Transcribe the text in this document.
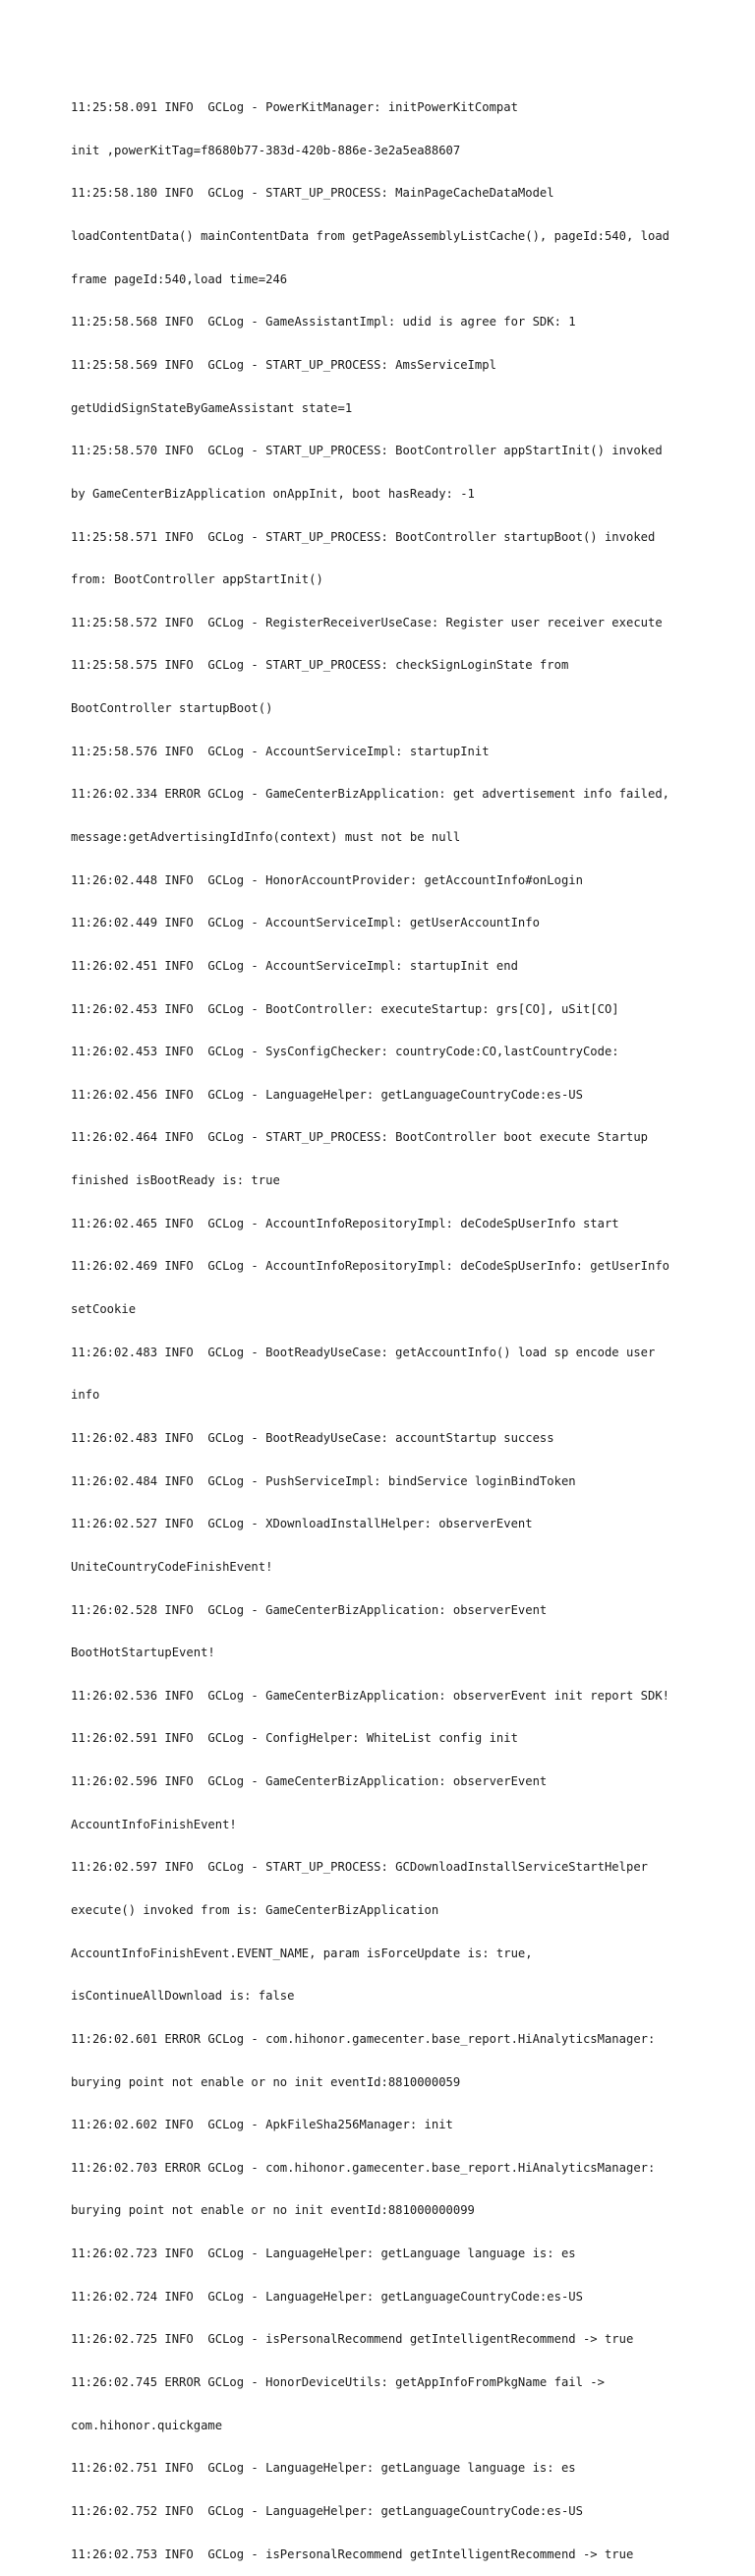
11:25:58.091 INFO  GCLog - PowerKitManager: initPowerKitCompat

init ,powerKitTag=f8680b77-383d-420b-886e-3e2a5ea88607

11:25:58.180 INFO  GCLog - START_UP_PROCESS: MainPageCacheDataModel

loadContentData() mainContentData from getPageAssemblyListCache(), pageId:540, load

frame pageId:540,load time=246

11:25:58.568 INFO  GCLog - GameAssistantImpl: udid is agree for SDK: 1

11:25:58.569 INFO  GCLog - START_UP_PROCESS: AmsServiceImpl

getUdidSignStateByGameAssistant state=1

11:25:58.570 INFO  GCLog - START_UP_PROCESS: BootController appStartInit() invoked

by GameCenterBizApplication onAppInit, boot hasReady: -1

11:25:58.571 INFO  GCLog - START_UP_PROCESS: BootController startupBoot() invoked

from: BootController appStartInit()

11:25:58.572 INFO  GCLog - RegisterReceiverUseCase: Register user receiver execute

11:25:58.575 INFO  GCLog - START_UP_PROCESS: checkSignLoginState from

BootController startupBoot()

11:25:58.576 INFO  GCLog - AccountServiceImpl: startupInit

11:26:02.334 ERROR GCLog - GameCenterBizApplication: get advertisement info failed,

message:getAdvertisingIdInfo(context) must not be null

11:26:02.448 INFO  GCLog - HonorAccountProvider: getAccountInfo#onLogin

11:26:02.449 INFO  GCLog - AccountServiceImpl: getUserAccountInfo

11:26:02.451 INFO  GCLog - AccountServiceImpl: startupInit end

11:26:02.453 INFO  GCLog - BootController: executeStartup: grs[CO], uSit[CO]

11:26:02.453 INFO  GCLog - SysConfigChecker: countryCode:CO,lastCountryCode:

11:26:02.456 INFO  GCLog - LanguageHelper: getLanguageCountryCode:es-US

11:26:02.464 INFO  GCLog - START_UP_PROCESS: BootController boot execute Startup

finished isBootReady is: true

11:26:02.465 INFO  GCLog - AccountInfoRepositoryImpl: deCodeSpUserInfo start

11:26:02.469 INFO  GCLog - AccountInfoRepositoryImpl: deCodeSpUserInfo: getUserInfo

setCookie

11:26:02.483 INFO  GCLog - BootReadyUseCase: getAccountInfo() load sp encode user

info

11:26:02.483 INFO  GCLog - BootReadyUseCase: accountStartup success

11:26:02.484 INFO  GCLog - PushServiceImpl: bindService loginBindToken

11:26:02.527 INFO  GCLog - XDownloadInstallHelper: observerEvent

UniteCountryCodeFinishEvent!

11:26:02.528 INFO  GCLog - GameCenterBizApplication: observerEvent

BootHotStartupEvent!

11:26:02.536 INFO  GCLog - GameCenterBizApplication: observerEvent init report SDK!

11:26:02.591 INFO  GCLog - ConfigHelper: WhiteList config init

11:26:02.596 INFO  GCLog - GameCenterBizApplication: observerEvent

AccountInfoFinishEvent!

11:26:02.597 INFO  GCLog - START_UP_PROCESS: GCDownloadInstallServiceStartHelper

execute() invoked from is: GameCenterBizApplication

AccountInfoFinishEvent.EVENT_NAME, param isForceUpdate is: true,

isContinueAllDownload is: false

11:26:02.601 ERROR GCLog - com.hihonor.gamecenter.base_report.HiAnalyticsManager:

burying point not enable or no init eventId:8810000059

11:26:02.602 INFO  GCLog - ApkFileSha256Manager: init

11:26:02.703 ERROR GCLog - com.hihonor.gamecenter.base_report.HiAnalyticsManager:

burying point not enable or no init eventId:881000000099

11:26:02.723 INFO  GCLog - LanguageHelper: getLanguage language is: es

11:26:02.724 INFO  GCLog - LanguageHelper: getLanguageCountryCode:es-US

11:26:02.725 INFO  GCLog - isPersonalRecommend getIntelligentRecommend -> true

11:26:02.745 ERROR GCLog - HonorDeviceUtils: getAppInfoFromPkgName fail ->

com.hihonor.quickgame

11:26:02.751 INFO  GCLog - LanguageHelper: getLanguage language is: es

11:26:02.752 INFO  GCLog - LanguageHelper: getLanguageCountryCode:es-US

11:26:02.753 INFO  GCLog - isPersonalRecommend getIntelligentRecommend -> true
